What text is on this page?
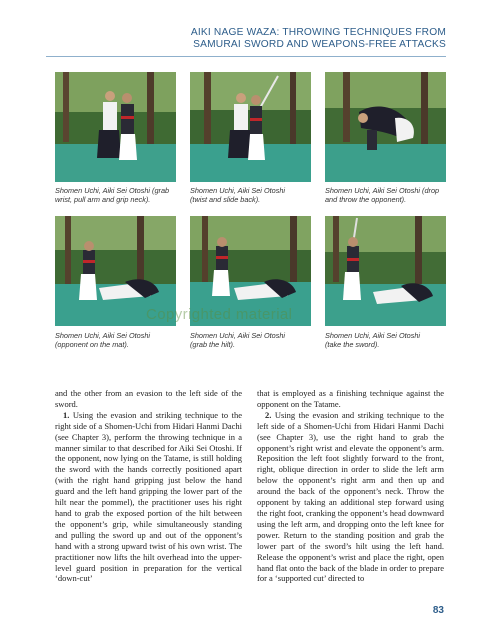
AIKI NAGE WAZA: THROWING TECHNIQUES FROM
SAMURAI SWORD AND WEAPONS-FREE ATTACKS
Shomen Uchi, Aiki Sei Otoshi (grab
wrist, pull arm and grip neck).
Shomen Uchi, Aiki Sei Otoshi
(twist and slide back).
Shomen Uchi, Aiki Sei Otoshi (drop
and throw the opponent).
Shomen Uchi, Aiki Sei Otoshi
(opponent on the mat).
Shomen Uchi, Aiki Sei Otoshi
(grab the hilt).
Shomen Uchi, Aiki Sei Otoshi
(take the sword).
Copyrighted material
and the other from an evasion to the left side of the sword.
1. Using the evasion and striking technique to the right side of a Shomen-Uchi from Hidari Hanmi Dachi (see Chapter 3), perform the throwing technique in a manner similar to that described for Aiki Sei Otoshi. If the opponent, now lying on the Tatame, is still holding the sword with the hands correctly positioned apart (with the right hand gripping just below the hand guard and the left hand gripping the lower part of the hilt near the pommel), the practitioner uses his right hand to grab the exposed portion of the hilt between the opponent’s grip, while simultaneously standing and pulling the sword up and out of the opponent’s hand with a strong upward twist of his own wrist. The practitioner now lifts the hilt overhead into the upper-level guard position in preparation for the vertical ‘down-cut’
that is employed as a finishing technique against the opponent on the Tatame.
2. Using the evasion and striking technique to the left side of a Shomen-Uchi from Hidari Hanmi Dachi (see Chapter 3), use the right hand to grab the opponent’s right wrist and elevate the opponent’s arm. Reposition the left foot slightly forward to the front, right, oblique direction in order to slide the left arm below the opponent’s right arm and then up and around the back of the opponent’s neck. Throw the opponent by taking an additional step forward using the right foot, cranking the opponent’s head downward using the left arm, and dropping onto the left knee for power. Return to the standing position and grab the lower part of the sword’s hilt using the left hand. Release the opponent’s wrist and place the right, open hand flat onto the back of the blade in order to prepare for a ‘supported cut’ directed to
83
